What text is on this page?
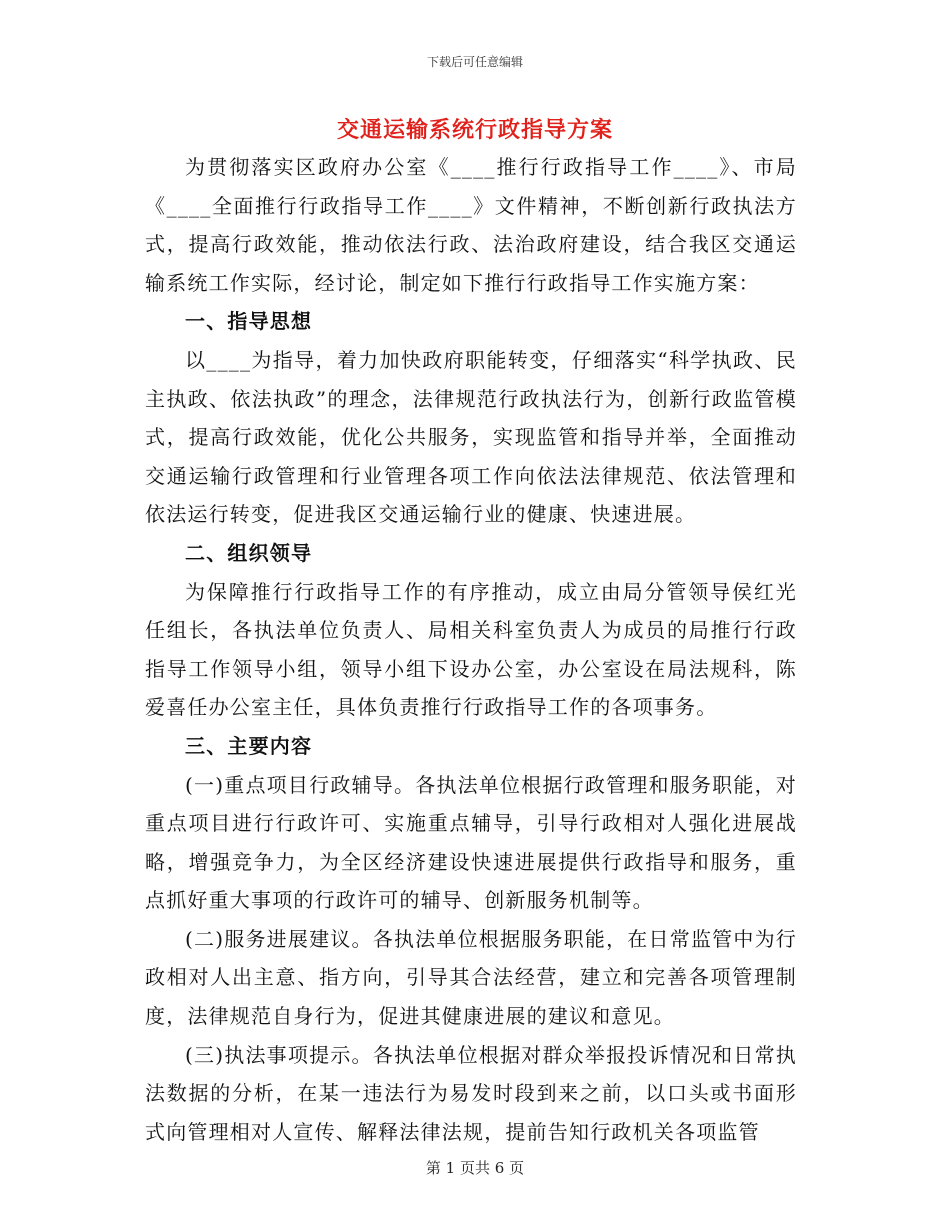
下载后可任意编辑
交通运输系统行政指导方案

为贯彻落实区政府办公室《____推行行政指导工作____》、市局《____全面推行行政指导工作____》文件精神，不断创新行政执法方式，提高行政效能，推动依法行政、法治政府建设，结合我区交通运输系统工作实际，经讨论，制定如下推行行政指导工作实施方案：

一、指导思想

以____为指导，着力加快政府职能转变，仔细落实“科学执政、民主执政、依法执政”的理念，法律规范行政执法行为，创新行政监管模式，提高行政效能，优化公共服务，实现监管和指导并举，全面推动交通运输行政管理和行业管理各项工作向依法法律规范、依法管理和依法运行转变，促进我区交通运输行业的健康、快速进展。

二、组织领导

为保障推行行政指导工作的有序推动，成立由局分管领导侯红光任组长，各执法单位负责人、局相关科室负责人为成员的局推行行政指导工作领导小组，领导小组下设办公室，办公室设在局法规科，陈爱喜任办公室主任，具体负责推行行政指导工作的各项事务。

三、主要内容

(一)重点项目行政辅导。各执法单位根据行政管理和服务职能，对重点项目进行行政许可、实施重点辅导，引导行政相对人强化进展战略，增强竞争力，为全区经济建设快速进展提供行政指导和服务，重点抓好重大事项的行政许可的辅导、创新服务机制等。

(二)服务进展建议。各执法单位根据服务职能，在日常监管中为行政相对人出主意、指方向，引导其合法经营，建立和完善各项管理制度，法律规范自身行为，促进其健康进展的建议和意见。

(三)执法事项提示。各执法单位根据对群众举报投诉情况和日常执法数据的分析，在某一违法行为易发时段到来之前，以口头或书面形式向管理相对人宣传、解释法律法规，提前告知行政机关各项监管

第 1 页共 6 页
